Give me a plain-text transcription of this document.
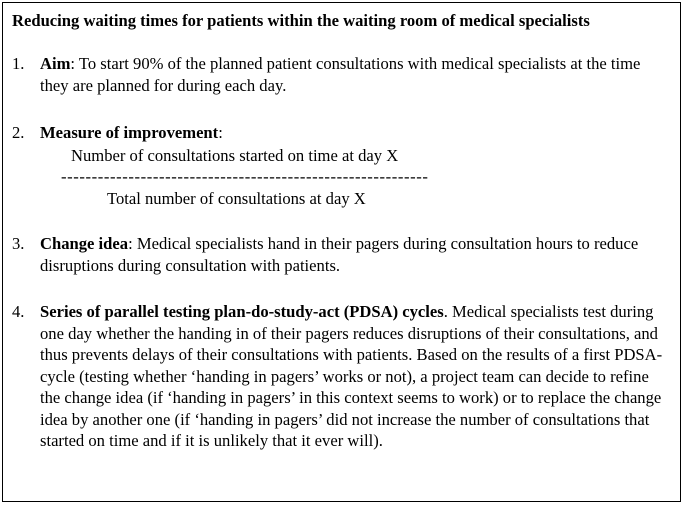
Reducing waiting times for patients within the waiting room of medical specialists
1. Aim: To start 90% of the planned patient consultations with medical specialists at the time they are planned for during each day.
2. Measure of improvement:
Number of consultations started on time at day X
------------------------------------------------------------
Total number of consultations at day X
3. Change idea: Medical specialists hand in their pagers during consultation hours to reduce disruptions during consultation with patients.
4. Series of parallel testing plan-do-study-act (PDSA) cycles. Medical specialists test during one day whether the handing in of their pagers reduces disruptions of their consultations, and thus prevents delays of their consultations with patients. Based on the results of a first PDSA-cycle (testing whether ‘handing in pagers’ works or not), a project team can decide to refine the change idea (if ‘handing in pagers’ in this context seems to work) or to replace the change idea by another one (if ‘handing in pagers’ did not increase the number of consultations that started on time and if it is unlikely that it ever will).
